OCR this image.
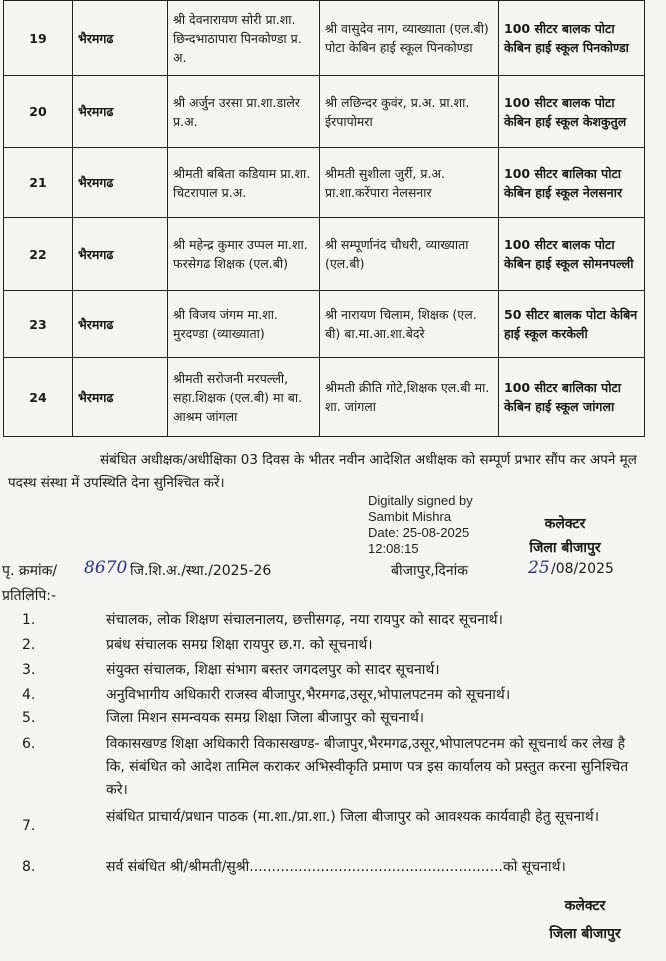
19	भैरमगढ	श्री देवनारायण सोरी प्रा.शा. छिन्दभाठापारा पिनकोण्डा प्र. अ.	श्री वासुदेव नाग, व्याख्याता (एल.बी) पोटा केबिन हाई स्कूल पिनकोण्डा	100 सीटर बालक पोटा केबिन हाई स्कूल पिनकोण्डा
20	भैरमगढ	श्री अर्जुन उरसा प्रा.शा.डालेर प्र.अ.	श्री लछिन्दर कुवंर, प्र.अ. प्रा.शा. ईरपापोमरा	100 सीटर बालक पोटा केबिन हाई स्कूल केशकुतुल
21	भैरमगढ	श्रीमती बबिता कडियाम प्रा.शा. चिटरापाल प्र.अ.	श्रीमती सुशीला जुर्री, प्र.अ. प्रा.शा.करेंपारा नेलसनार	100 सीटर बालिका पोटा केबिन हाई स्कूल नेलसनार
22	भैरमगढ	श्री महेन्द्र कुमार उप्पल मा.शा. फरसेगढ शिक्षक (एल.बी)	श्री सम्पूर्णानंद चौधरी, व्याख्याता (एल.बी)	100 सीटर बालक पोटा केबिन हाई स्कूल सोमनपल्ली
23	भैरमगढ	श्री विजय जंगम मा.शा. मुरदण्डा (व्याख्याता)	श्री नारायण चिलाम, शिक्षक (एल. बी) बा.मा.आ.शा.बेदरे	50 सीटर बालक पोटा केबिन हाई स्कूल करकेली
24	भैरमगढ	श्रीमती सरोजनी मरपल्ली, सहा.शिक्षक (एल.बी) मा बा. आश्रम जांगला	श्रीमती क्रीति गोटे,शिक्षक एल.बी मा. शा. जांगला	100 सीटर बालिका पोटा केबिन हाई स्कूल जांगला
संबंधित अधीक्षक/अधीक्षिका 03 दिवस के भीतर नवीन आदेशित अधीक्षक को सम्पूर्ण प्रभार सौंप कर अपने मूल पदस्थ संस्था में उपस्थिति देना सुनिश्चित करें।
Digitally signed by
Sambit Mishra
Date: 25-08-2025
12:08:15
कलेक्टर
जिला बीजापुर
पृ. क्रमांक/ 8670 जि.शि.अ./स्था./2025-26	बीजापुर,दिनांक	25 /08/2025
प्रतिलिपि:-
1.	संचालक, लोक शिक्षण संचालनालय, छत्तीसगढ़, नया रायपुर को सादर सूचनार्थ।
2.	प्रबंध संचालक समग्र शिक्षा रायपुर छ.ग. को सूचनार्थ।
3.	संयुक्त संचालक, शिक्षा संभाग बस्तर जगदलपुर को सादर सूचनार्थ।
4.	अनुविभागीय अधिकारी राजस्व बीजापुर,भैरमगढ,उसूर,भोपालपटनम को सूचनार्थ।
5.	जिला मिशन समन्वयक समग्र शिक्षा जिला बीजापुर को सूचनार्थ।
6.	विकासखण्ड शिक्षा अधिकारी विकासखण्ड- बीजापुर,भैरमगढ,उसूर,भोपालपटनम को सूचनार्थ कर लेख है कि, संबंधित को आदेश तामिल कराकर अभिस्वीकृति प्रमाण पत्र इस कार्यालय को प्रस्तुत करना सुनिश्चित करे।
7.
संबंधित प्राचार्य/प्रधान पाठक (मा.शा./प्रा.शा.) जिला बीजापुर को आवश्यक कार्यवाही हेतु सूचनार्थ।
8.	सर्व संबंधित श्री/श्रीमती/सुश्री.........................................................को सूचनार्थ।
कलेक्टर
जिला बीजापुर
